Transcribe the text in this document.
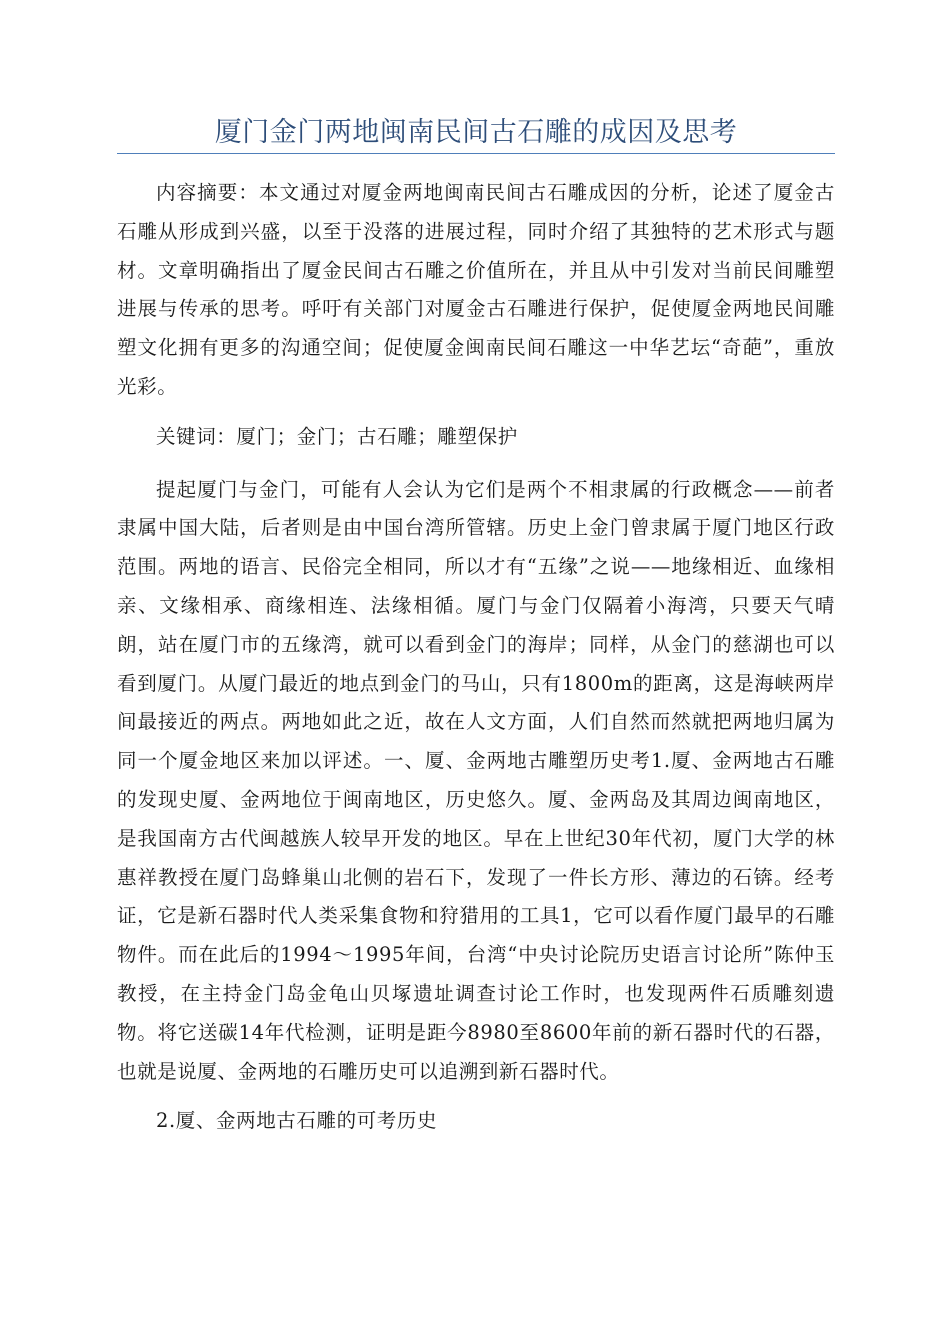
厦门金门两地闽南民间古石雕的成因及思考

内容摘要：本文通过对厦金两地闽南民间古石雕成因的分析，论述了厦金古石雕从形成到兴盛，以至于没落的进展过程，同时介绍了其独特的艺术形式与题材。文章明确指出了厦金民间古石雕之价值所在，并且从中引发对当前民间雕塑进展与传承的思考。呼吁有关部门对厦金古石雕进行保护，促使厦金两地民间雕塑文化拥有更多的沟通空间；促使厦金闽南民间石雕这一中华艺坛“奇葩”，重放光彩。

关键词：厦门；金门；古石雕；雕塑保护

提起厦门与金门，可能有人会认为它们是两个不相隶属的行政概念——前者隶属中国大陆，后者则是由中国台湾所管辖。历史上金门曾隶属于厦门地区行政范围。两地的语言、民俗完全相同，所以才有“五缘”之说——地缘相近、血缘相亲、文缘相承、商缘相连、法缘相循。厦门与金门仅隔着小海湾，只要天气晴朗，站在厦门市的五缘湾，就可以看到金门的海岸；同样，从金门的慈湖也可以看到厦门。从厦门最近的地点到金门的马山，只有1800m的距离，这是海峡两岸间最接近的两点。两地如此之近，故在人文方面，人们自然而然就把两地归属为同一个厦金地区来加以评述。一、厦、金两地古雕塑历史考1.厦、金两地古石雕的发现史厦、金两地位于闽南地区，历史悠久。厦、金两岛及其周边闽南地区，是我国南方古代闽越族人较早开发的地区。早在上世纪30年代初，厦门大学的林惠祥教授在厦门岛蜂巢山北侧的岩石下，发现了一件长方形、薄边的石锛。经考证，它是新石器时代人类采集食物和狩猎用的工具1，它可以看作厦门最早的石雕物件。而在此后的1994～1995年间，台湾“中央讨论院历史语言讨论所”陈仲玉教授，在主持金门岛金龟山贝塚遗址调查讨论工作时，也发现两件石质雕刻遗物。将它送碳14年代检测，证明是距今8980至8600年前的新石器时代的石器，也就是说厦、金两地的石雕历史可以追溯到新石器时代。

2.厦、金两地古石雕的可考历史
